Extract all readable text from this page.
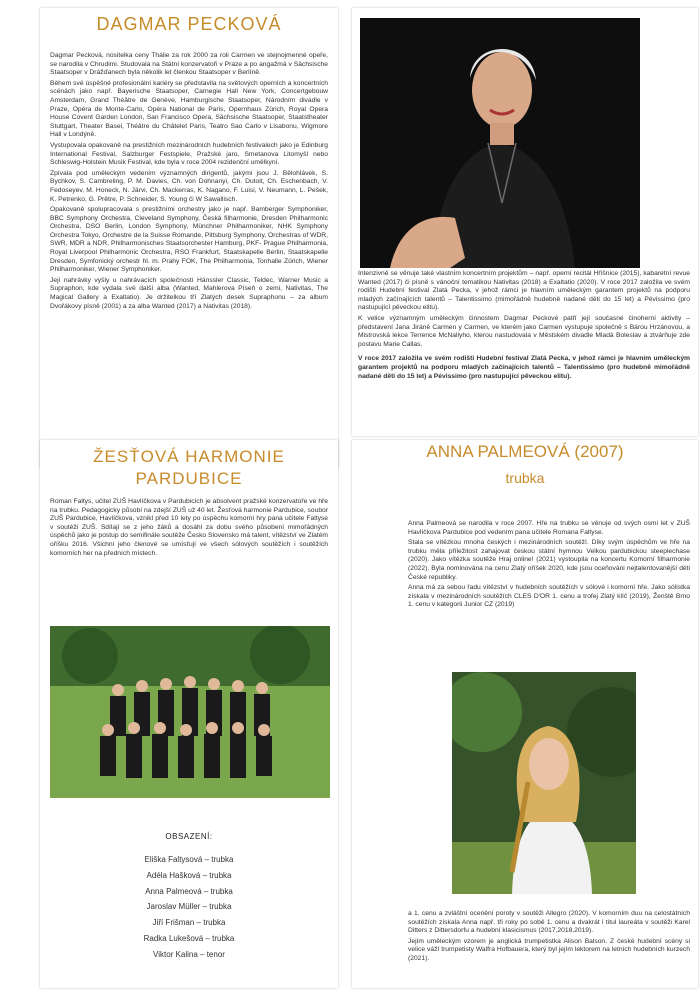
DAGMAR PECKOVÁ

Dagmar Pecková, nositelka ceny Thálie za rok 2000 za roli Carmen ve stejnojmenné opeře, se narodila v Chrudimi. Studovala na Státní konzervatoři v Praze a po angažmá v Sächsische Staatsoper v Drážďanech byla několik let členkou Staatsoper v Berlíně.

Během své úspěšné profesionální kariéry se představila na světových operních a koncertních scénách jako např. Bayerische Staatsoper, Carnegie Hall New York, Concertgebouw Amsterdam, Grand Théâtre de Genève, Hamburgische Staatsoper, Národním divadle v Praze, Opéra de Monte-Carlo, Opéra National de Paris, Opernhaus Zürich, Royal Opera House Covent Garden London, San Francisco Opera, Sächsische Staatsoper, Staatstheater Stuttgart, Theater Basel, Théâtre du Châtelet Paris, Teatro Sao Carlo v Lisabonu, Wigmore Hall v Londýně.

Vystupovala opakovaně na prestižních mezinárodních hudebních festivalech jako je Edinburg International Festival, Salzburger Festspiele, Pražské jaro, Smetanova Litomyšl nebo Schleswig-Holstein Musik Festival, kde byla v roce 2004 rezidenční umělkyní.

Zpívala pod uměleckým vedením významných dirigentů, jakými jsou J. Bělohlávek, S. Bychkov, S. Cambreling, P. M. Davies, Ch. von Dohnanyi, Ch. Dutoit, Ch. Eschenbach, V. Fedoseyev, M. Honeck, N. Järvi, Ch. Mackerras, K. Nagano, F. Luisi, V. Neumann, L. Pešek, K. Petrenko, G. Prêtre, P. Schneider, S. Young či W Sawallisch.

Opakovaně spolupracovala s prestižními orchestry jako je např. Bamberger Symphoniker, BBC Symphony Orchestra, Cleveland Symphony, Česká filharmonie, Dresden Philharmonic Orchestra, DSO Berlin, London Symphony, Münchner Philharmoniker, NHK Symphony Orchestra Tokyo, Orchestre de la Suisse Romande, Pittsburg Symphony, Orchestras of WDR, SWR, MDR a NDR, Philharmonisches Staatsorchester Hamburg, PKF- Prague Philharmonia, Royal Liverpool Philharmonic Orchestra, RSO Frankfurt, Staatskapelle Berlin, Staatskapelle Dresden, Symfonický orchestr hl. m. Prahy FOK, The Philharmonia, Tonhalle Zürich, Wiener Philharmoniker, Wiener Symphoniker.

Její nahrávky vyšly u nahrávacích společností Hänssler Classic, Teldec, Warner Music a Supraphon, kde vydala své další alba (Wanted, Mahlerova Píseň o zemi, Nativitas, The Magical Gallery a Exaltatio). Je držitelkou tří Zlatých desek Supraphonu – za album Dvořákovy písně (2001) a za alba Wanted (2017) a Nativitas (2018).

Intenzivně se věnuje také vlastním koncertním projektům – např. operní recitál Hříšnice (2015), kabaretní revue Wanted (2017) či písně s vánoční tematikou Nativitas (2018) a Exaltatio (2020). V roce 2017 založila ve svém rodišti Hudební festival Zlatá Pecka, v jehož rámci je hlavním uměleckým garantem projektů na podporu mladých začínajících talentů – Talentissimo (mimořádně hudebně nadané děti do 15 let) a Pévissimo (pro nastupující pěveckou elitu).

K velice významným uměleckým činnostem Dagmar Peckové patří její současné činoherní aktivity – představení Jana Jiráně Carmen y Carmen, ve kterém jako Carmen vystupuje společně s Bárou Hrzánovou, a Mistrovská lekce Terrence McNallyho, kterou nastudovala v Městském divadle Mladá Boleslav a ztvárňuje zde postavu Marie Callas.

V roce 2017 založila ve svém rodišti Hudební festival Zlatá Pecka, v jehož rámci je hlavním uměleckým garantem projektů na podporu mladých začínajících talentů – Talentissimo (pro hudebně mimořádně nadané děti do 15 let) a Pévissimo (pro nastupující pěveckou elitu).

ŽESŤOVÁ HARMONIE PARDUBICE

Roman Faltys, učitel ZUŠ Havlíčkova v Pardubicích je absolvent pražské konzervatoře ve hře na trubku. Pedagogicky působí na zdejší ZUŠ už 40 let. Žesťová harmonie Pardubice, soubor ZUŠ Pardubice, Havlíčkova, vznikl před 10 lety po úspěchu komorní hry pana učitele Faltyse v soutěži ZUŠ. Sdílají se z jeho žáků a dosáhl za dobu svého působení mimořádných úspěchů jako je postup do semifinále soutěže Česko Slovensko má talent, vítězství ve Zlatém oříšku 2016. Všichni jeho členové se umísťují ve všech sólových soutěžích i soutěžích komorních her na předních místech.

OBSAZENÍ:
Eliška Faltysová – trubka
Adéla Hašková – trubka
Anna Palmeová – trubka
Jaroslav Müller – trubka
Jiří Frišman – trubka
Radka Lukešová – trubka
Viktor Kalina – tenor
ANNA PALMEOVÁ (2007)
trubka

Anna Palmeová se narodila v roce 2007. Hře na trubku se věnuje od svých osmi let v ZUŠ Havlíčkova Pardubice pod vedením pana učitele Romana Faltyse.

Stala se vítězkou mnoha českých i mezinárodních soutěží. Díky svým úspěchům ve hře na trubku měla příležitost zahajovat českou státní hymnou Velkou pardubickou steeplechase (2020). Jako vítězka soutěže Hraj online! (2021) vystoupila na koncertu Komorní filharmonie (2022). Byla nominována na cenu Zlatý oříšek 2020, kde jsou oceňováni nejtalentovanější děti České republiky.

Anna má za sebou řadu vítězství v hudebních soutěžích v sólové i komorní hře. Jako sólistka získala v mezinárodních soutěžích CLES D'OR 1. cenu a trofej Zlatý klíč (2019), Ženště Brno 1. cenu v kategorii Junior CZ (2019)

a 1. cenu a zvláštní ocenění poroty v soutěži Allegro (2020). V komorním duu na celostátních soutěžích získala Anna např. tři roky po sobě 1. cenu a dvakrát i titul laureáta v soutěži Karel Ditters z Dittersdorfu a hudební klasicismus (2017,2018,2019).

Jejím uměleckým vzorem je anglická trumpetistka Alison Balson. Z české hudební scény si velice váží trumpetisty Walfra Hofbauera, který byl jejím lektorem na letních hudebních kurzech (2021).
